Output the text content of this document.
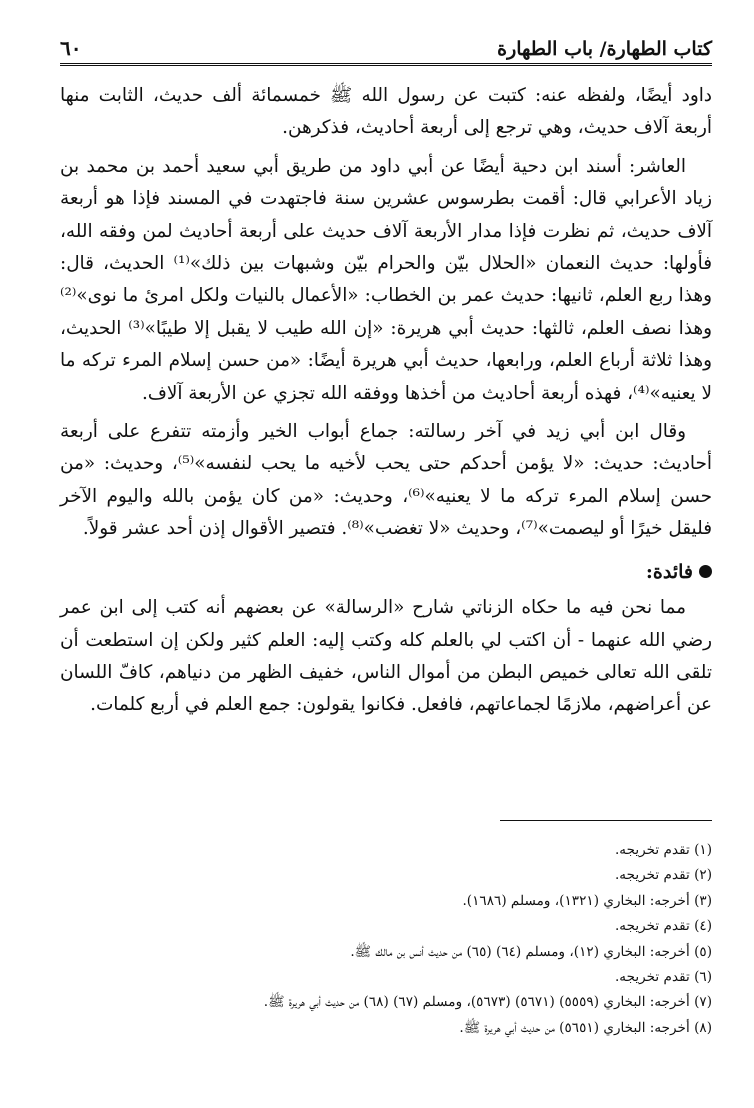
كتاب الطهارة/ باب الطهارة
٦٠

داود أيضًا، ولفظه عنه: كتبت عن رسول الله ﷺ خمسمائة ألف حديث، الثابت منها أربعة آلاف حديث، وهي ترجع إلى أربعة أحاديث، فذكرهن.

العاشر: أسند ابن دحية أيضًا عن أبي داود من طريق أبي سعيد أحمد بن محمد بن زياد الأعرابي قال: أقمت بطرسوس عشرين سنة فاجتهدت في المسند فإذا هو أربعة آلاف حديث، ثم نظرت فإذا مدار الأربعة آلاف حديث على أربعة أحاديث لمن وفقه الله، فأولها: حديث النعمان «الحلال بيّن والحرام بيّن وشبهات بين ذلك»⁽¹⁾ الحديث، قال: وهذا ربع العلم، ثانيها: حديث عمر بن الخطاب: «الأعمال بالنيات ولكل امرئ ما نوى»⁽²⁾ وهذا نصف العلم، ثالثها: حديث أبي هريرة: «إن الله طيب لا يقبل إلا طيبًا»⁽³⁾ الحديث، وهذا ثلاثة أرباع العلم، ورابعها، حديث أبي هريرة أيضًا: «من حسن إسلام المرء تركه ما لا يعنيه»⁽⁴⁾، فهذه أربعة أحاديث من أخذها ووفقه الله تجزي عن الأربعة آلاف.

وقال ابن أبي زيد في آخر رسالته: جماع أبواب الخير وأزمته تتفرع على أربعة أحاديث: حديث: «لا يؤمن أحدكم حتى يحب لأخيه ما يحب لنفسه»⁽⁵⁾، وحديث: «من حسن إسلام المرء تركه ما لا يعنيه»⁽⁶⁾، وحديث: «من كان يؤمن بالله واليوم الآخر فليقل خيرًا أو ليصمت»⁽⁷⁾، وحديث «لا تغضب»⁽⁸⁾. فتصير الأقوال إذن أحد عشر قولاً.

فائدة:

مما نحن فيه ما حكاه الزناتي شارح «الرسالة» عن بعضهم أنه كتب إلى ابن عمر رضي الله عنهما - أن اكتب لي بالعلم كله وكتب إليه: العلم كثير ولكن إن استطعت أن تلقى الله تعالى خميص البطن من أموال الناس، خفيف الظهر من دنياهم، كافّ اللسان عن أعراضهم، ملازمًا لجماعاتهم، فافعل. فكانوا يقولون: جمع العلم في أربع كلمات.

(١) تقدم تخريجه.
(٢) تقدم تخريجه.
(٣) أخرجه: البخاري (١٣٢١)، ومسلم (١٦٨٦).
(٤) تقدم تخريجه.
(٥) أخرجه: البخاري (١٢)، ومسلم (٦٤) (٦٥) من حديث أنس بن مالك ﷺ.
(٦) تقدم تخريجه.
(٧) أخرجه: البخاري (٥٥٥٩) (٥٦٧١) (٥٦٧٣)، ومسلم (٦٧) (٦٨) من حديث أبي هريرة ﷺ.
(٨) أخرجه: البخاري (٥٦٥١) من حديث أبي هريرة ﷺ.
